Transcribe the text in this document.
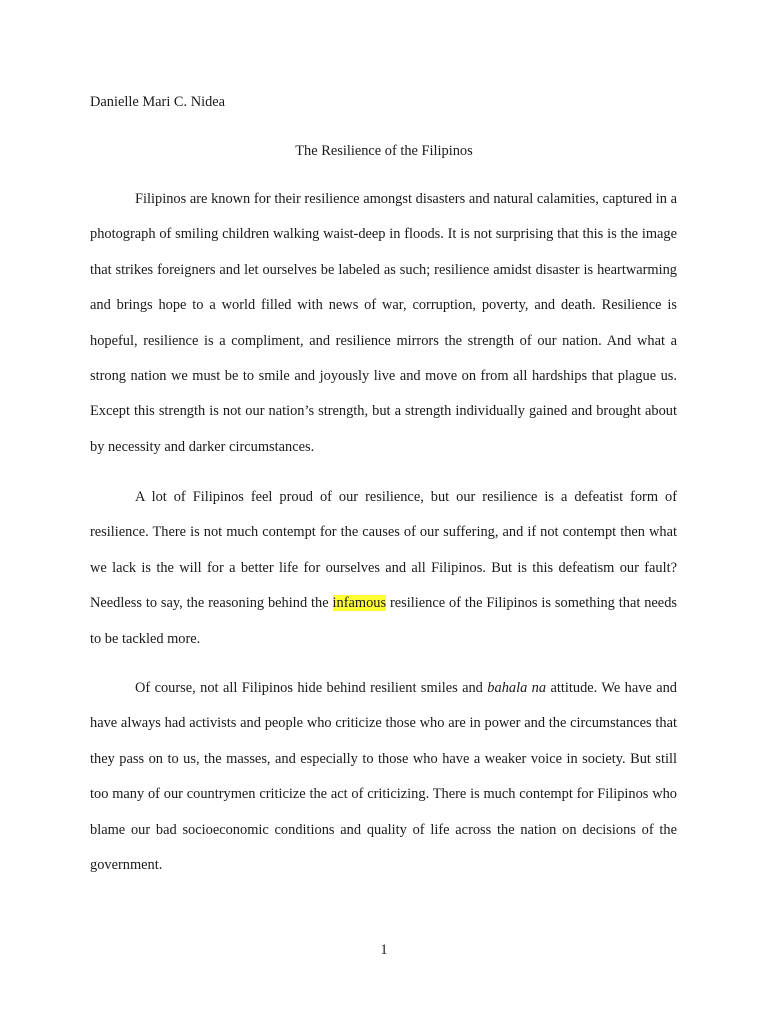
Danielle Mari C. Nidea

The Resilience of the Filipinos

Filipinos are known for their resilience amongst disasters and natural calamities, captured in a photograph of smiling children walking waist-deep in floods. It is not surprising that this is the image that strikes foreigners and let ourselves be labeled as such; resilience amidst disaster is heartwarming and brings hope to a world filled with news of war, corruption, poverty, and death. Resilience is hopeful, resilience is a compliment, and resilience mirrors the strength of our nation. And what a strong nation we must be to smile and joyously live and move on from all hardships that plague us. Except this strength is not our nation’s strength, but a strength individually gained and brought about by necessity and darker circumstances.

A lot of Filipinos feel proud of our resilience, but our resilience is a defeatist form of resilience. There is not much contempt for the causes of our suffering, and if not contempt then what we lack is the will for a better life for ourselves and all Filipinos. But is this defeatism our fault? Needless to say, the reasoning behind the infamous resilience of the Filipinos is something that needs to be tackled more.

Of course, not all Filipinos hide behind resilient smiles and bahala na attitude. We have and have always had activists and people who criticize those who are in power and the circumstances that they pass on to us, the masses, and especially to those who have a weaker voice in society. But still too many of our countrymen criticize the act of criticizing. There is much contempt for Filipinos who blame our bad socioeconomic conditions and quality of life across the nation on decisions of the government.

1
